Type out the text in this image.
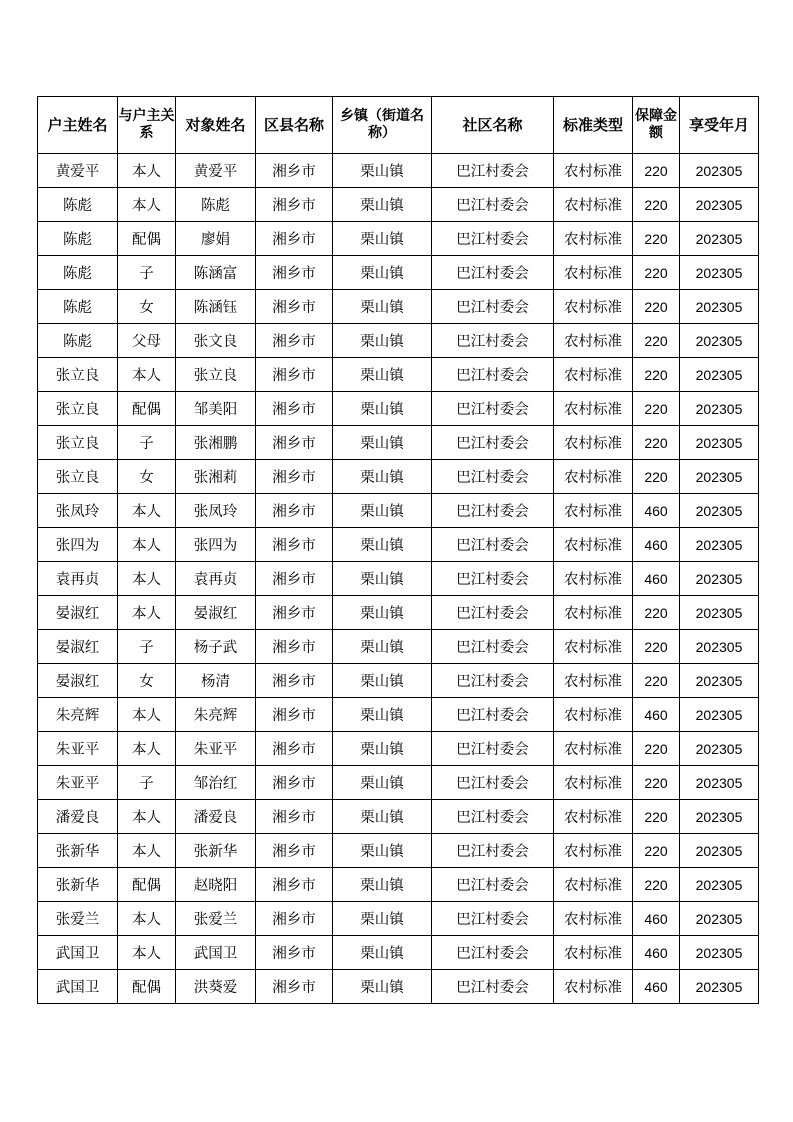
户主姓名	与户主关系	对象姓名	区县名称	乡镇（街道名称）	社区名称	标准类型	保障金额	享受年月
黄爱平	本人	黄爱平	湘乡市	栗山镇	巴江村委会	农村标准	220	202305
陈彪	本人	陈彪	湘乡市	栗山镇	巴江村委会	农村标准	220	202305
陈彪	配偶	廖娟	湘乡市	栗山镇	巴江村委会	农村标准	220	202305
陈彪	子	陈涵富	湘乡市	栗山镇	巴江村委会	农村标准	220	202305
陈彪	女	陈涵钰	湘乡市	栗山镇	巴江村委会	农村标准	220	202305
陈彪	父母	张文良	湘乡市	栗山镇	巴江村委会	农村标准	220	202305
张立良	本人	张立良	湘乡市	栗山镇	巴江村委会	农村标准	220	202305
张立良	配偶	邹美阳	湘乡市	栗山镇	巴江村委会	农村标准	220	202305
张立良	子	张湘鹏	湘乡市	栗山镇	巴江村委会	农村标准	220	202305
张立良	女	张湘莉	湘乡市	栗山镇	巴江村委会	农村标准	220	202305
张凤玲	本人	张凤玲	湘乡市	栗山镇	巴江村委会	农村标准	460	202305
张四为	本人	张四为	湘乡市	栗山镇	巴江村委会	农村标准	460	202305
袁再贞	本人	袁再贞	湘乡市	栗山镇	巴江村委会	农村标准	460	202305
晏淑红	本人	晏淑红	湘乡市	栗山镇	巴江村委会	农村标准	220	202305
晏淑红	子	杨子武	湘乡市	栗山镇	巴江村委会	农村标准	220	202305
晏淑红	女	杨清	湘乡市	栗山镇	巴江村委会	农村标准	220	202305
朱亮辉	本人	朱亮辉	湘乡市	栗山镇	巴江村委会	农村标准	460	202305
朱亚平	本人	朱亚平	湘乡市	栗山镇	巴江村委会	农村标准	220	202305
朱亚平	子	邹治红	湘乡市	栗山镇	巴江村委会	农村标准	220	202305
潘爱良	本人	潘爱良	湘乡市	栗山镇	巴江村委会	农村标准	220	202305
张新华	本人	张新华	湘乡市	栗山镇	巴江村委会	农村标准	220	202305
张新华	配偶	赵晓阳	湘乡市	栗山镇	巴江村委会	农村标准	220	202305
张爱兰	本人	张爱兰	湘乡市	栗山镇	巴江村委会	农村标准	460	202305
武国卫	本人	武国卫	湘乡市	栗山镇	巴江村委会	农村标准	460	202305
武国卫	配偶	洪葵爱	湘乡市	栗山镇	巴江村委会	农村标准	460	202305
